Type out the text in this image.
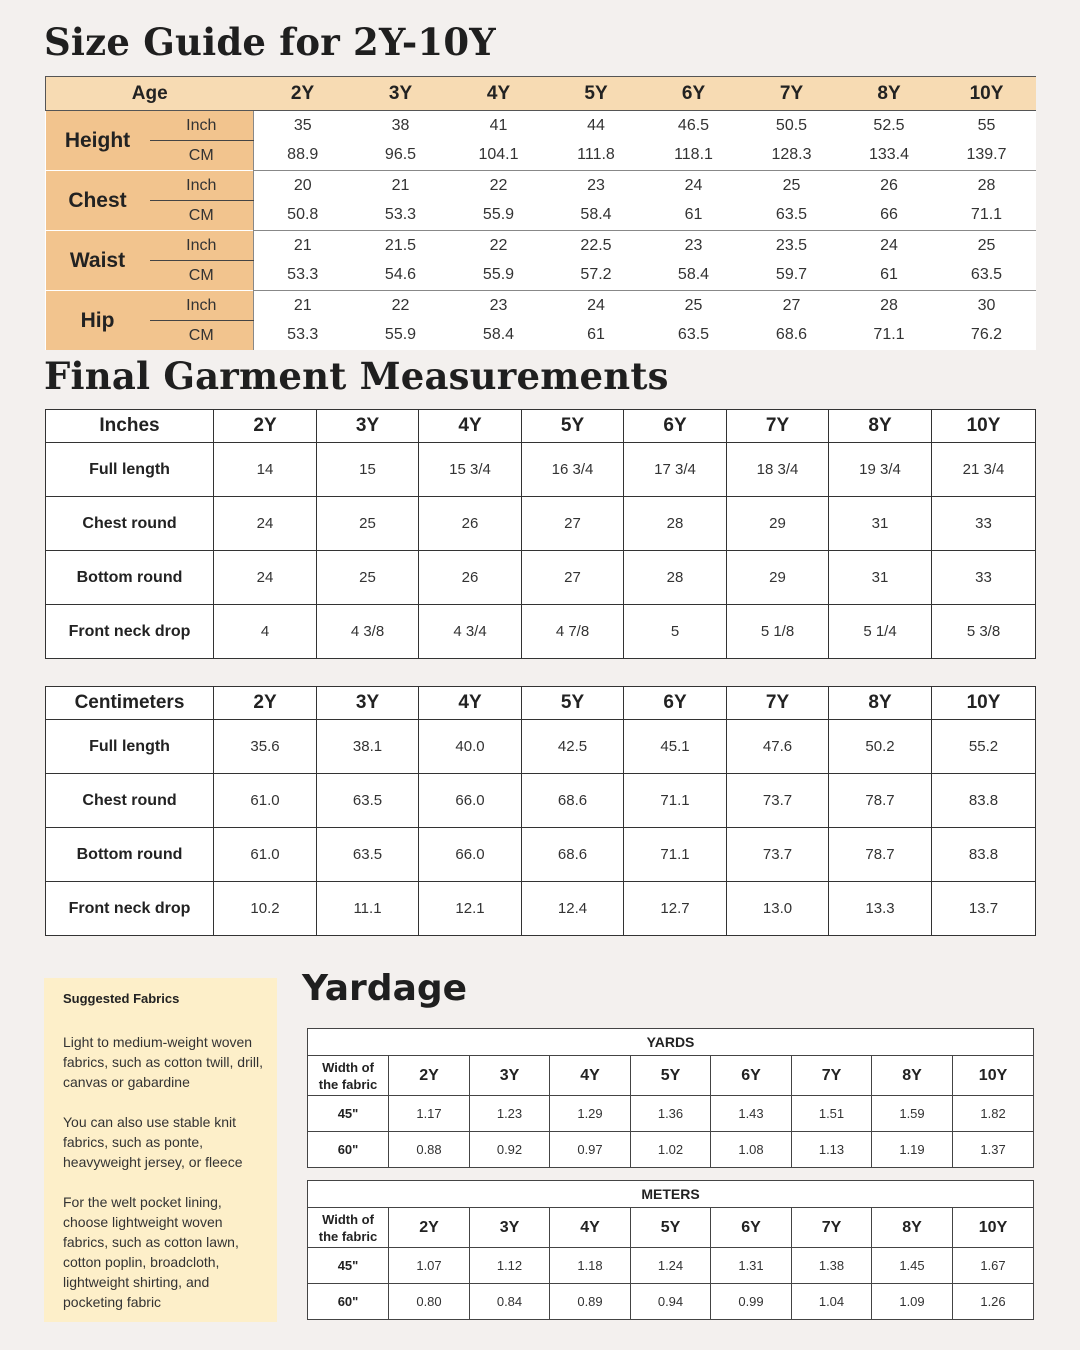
Size Guide for 2Y-10Y
Age		2Y	3Y	4Y	5Y	6Y	7Y	8Y	10Y
Height	Inch	35	38	41	44	46.5	50.5	52.5	55
	CM	88.9	96.5	104.1	111.8	118.1	128.3	133.4	139.7
Chest	Inch	20	21	22	23	24	25	26	28
	CM	50.8	53.3	55.9	58.4	61	63.5	66	71.1
Waist	Inch	21	21.5	22	22.5	23	23.5	24	25
	CM	53.3	54.6	55.9	57.2	58.4	59.7	61	63.5
Hip	Inch	21	22	23	24	25	27	28	30
	CM	53.3	55.9	58.4	61	63.5	68.6	71.1	76.2
Final Garment Measurements
Inches	2Y	3Y	4Y	5Y	6Y	7Y	8Y	10Y
Full length	14	15	15 3/4	16 3/4	17 3/4	18 3/4	19 3/4	21 3/4
Chest round	24	25	26	27	28	29	31	33
Bottom round	24	25	26	27	28	29	31	33
Front neck drop	4	4 3/8	4 3/4	4 7/8	5	5 1/8	5 1/4	5 3/8
Centimeters	2Y	3Y	4Y	5Y	6Y	7Y	8Y	10Y
Full length	35.6	38.1	40.0	42.5	45.1	47.6	50.2	55.2
Chest round	61.0	63.5	66.0	68.6	71.1	73.7	78.7	83.8
Bottom round	61.0	63.5	66.0	68.6	71.1	73.7	78.7	83.8
Front neck drop	10.2	11.1	12.1	12.4	12.7	13.0	13.3	13.7
Suggested Fabrics

Light to medium-weight woven fabrics, such as cotton twill, drill, canvas or gabardine

You can also use stable knit fabrics, such as ponte, heavyweight jersey, or fleece

For the welt pocket lining, choose lightweight woven fabrics, such as cotton lawn, cotton poplin, broadcloth, lightweight shirting, and pocketing fabric

Yardage
YARDS								
Width of
the fabric	2Y	3Y	4Y	5Y	6Y	7Y	8Y	10Y
45"	1.17	1.23	1.29	1.36	1.43	1.51	1.59	1.82
60"	0.88	0.92	0.97	1.02	1.08	1.13	1.19	1.37
METERS								
Width of
the fabric	2Y	3Y	4Y	5Y	6Y	7Y	8Y	10Y
45"	1.07	1.12	1.18	1.24	1.31	1.38	1.45	1.67
60"	0.80	0.84	0.89	0.94	0.99	1.04	1.09	1.26
